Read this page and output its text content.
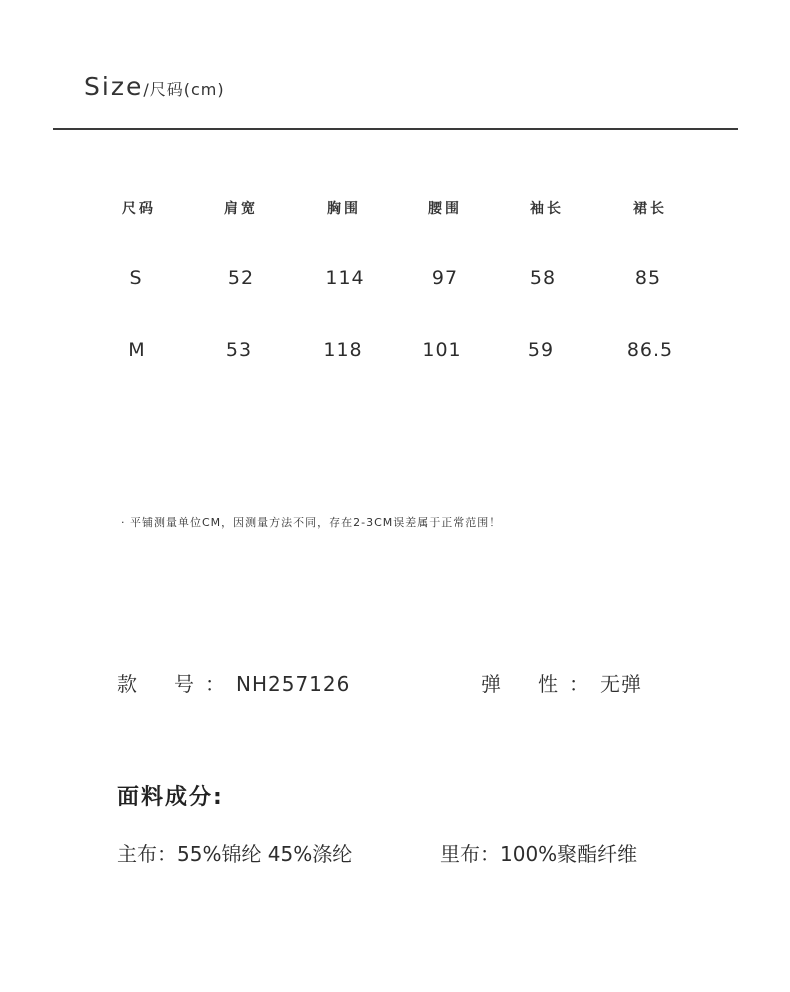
Size/尺码(cm)
尺码	肩宽	胸围	腰围	袖长	裙长
S	52	114	97	58	85
M	53	118	101	59	86.5
· 平铺测量单位CM，因测量方法不同，存在2-3CM误差属于正常范围！
款 号 ： NH257126	弹 性 ： 无弹
面料成分:
主布：55%锦纶 45%涤纶	里布：100%聚酯纤维
